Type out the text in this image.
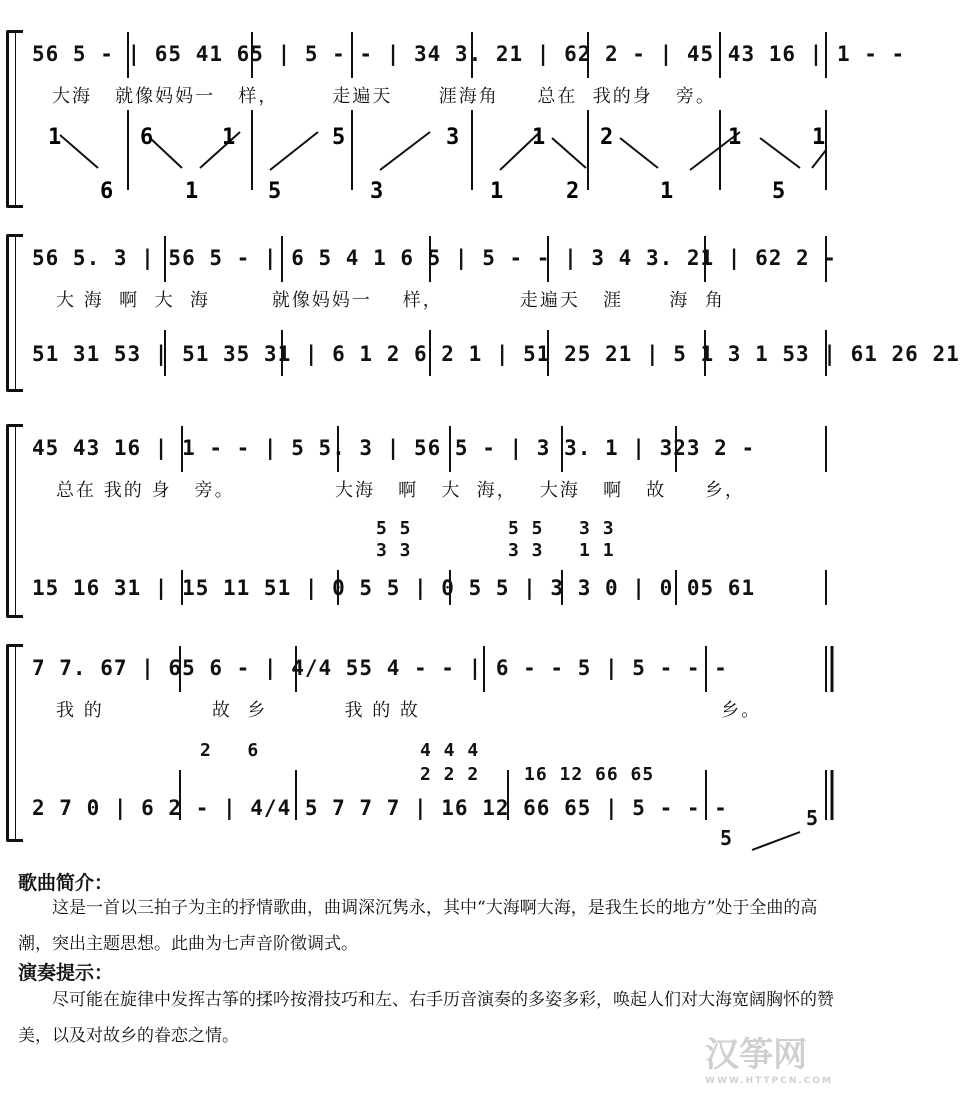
1
6
6
1
1
5
5
3
3
1
1
2
2
1
1
5
1
56 5 - | 65 41 65 | 5 - - | 34 3. 21 | 62 2 - | 45 43 16 | 1 - -
大海   就像妈妈一   样，       走遍天      涯海角     总在  我的身   旁。
56 5. 3 | 56 5 - | 6 5 4 1 6 5 | 5 - - | 3 4 3. 21 | 62 2 -
大 海  啊  大  海        就像妈妈一    样，          走遍天   涯      海  角
51 31 53 | 51 35 31 | 6 1 2 6 2 1 | 51 25 21 | 5 1 3 1 53 | 61 26 21
45 43 16 | 1 - - | 5 5. 3 | 56 5 - | 3 3. 1 | 323 2 -
总在 我的 身   旁。             大海   啊   大  海，   大海   啊   故     乡，
5 5
3 3
5 5   3 3
3 3   1 1
15 16 31 | 15 11 51 | 0 5 5 | 0 5 5 | 3 3 0 | 0 05 61
7 7. 67 | 65 6 - | 4/4 55 4 - - | 6 - - 5 | 5 - - -
我 的              故  乡          我 的 故                                       乡。
2   6	4 4 4
2 2 2 16 12 66 65
2 7 0 | 6 2 - | 4/4 5 7 7 7 | 16 12 66 65 | 5 - - -
5
5
歌曲简介：
这是一首以三拍子为主的抒情歌曲，曲调深沉隽永，其中“大海啊大海，是我生长的地方”处于全曲的高潮，突出主题思想。此曲为七声音阶徵调式。
演奏提示：
尽可能在旋律中发挥古筝的揉吟按滑技巧和左、右手历音演奏的多姿多彩，唤起人们对大海宽阔胸怀的赞美，以及对故乡的眷恋之情。	汉筝网
WWW.HTTPCN.COM
